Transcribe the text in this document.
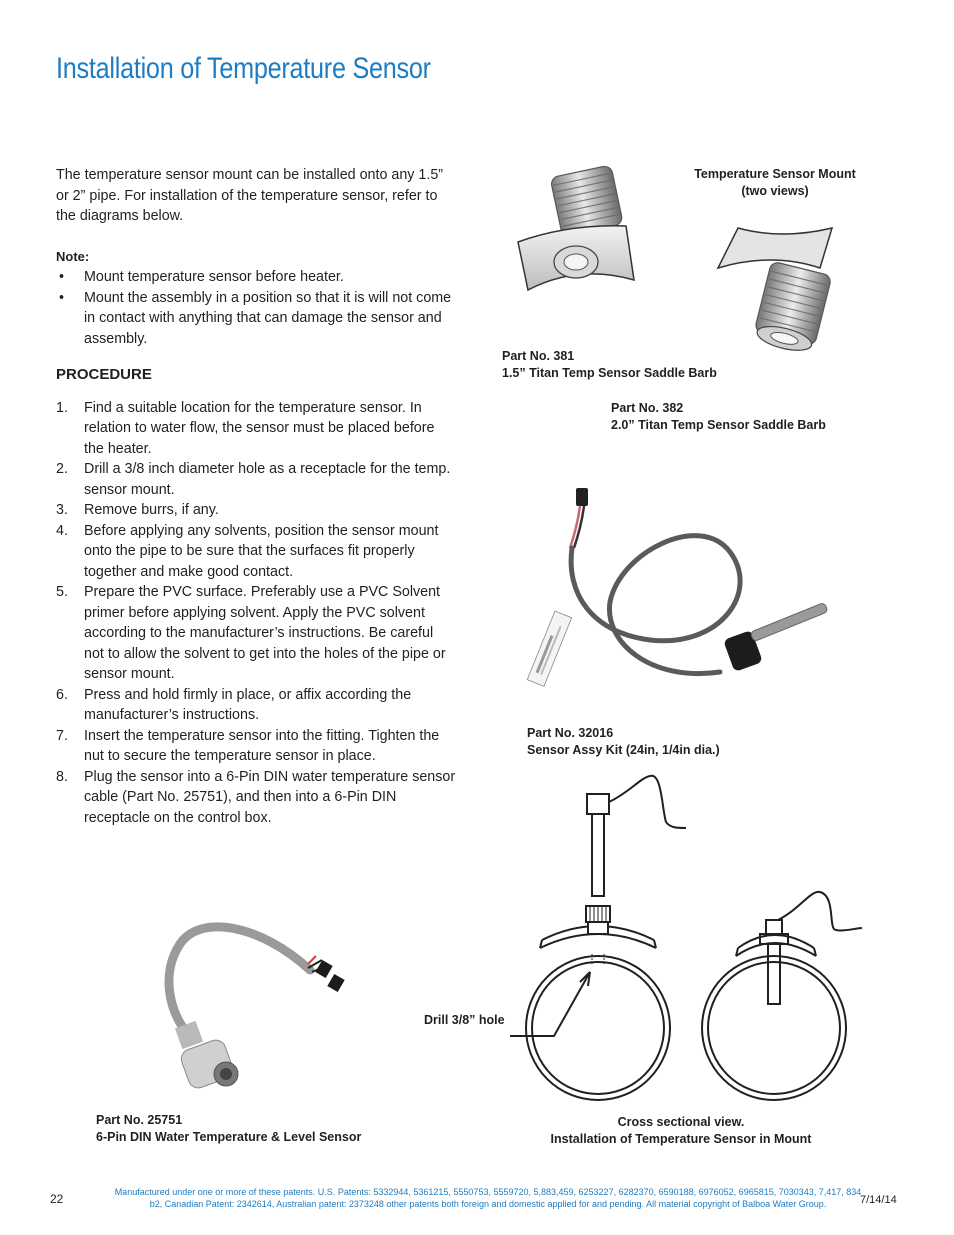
Installation of Temperature Sensor

The temperature sensor mount can be installed onto any 1.5” or 2” pipe. For installation of the temperature sensor, refer to the diagrams below.

Note:

• Mount temperature sensor before heater.
• Mount the assembly in a position so that it is will not come in contact with anything that can damage the sensor and assembly.

PROCEDURE

1. Find a suitable location for the temperature sensor. In relation to water flow, the sensor must be placed before the heater.
2. Drill a 3/8 inch diameter hole as a receptacle for the temp. sensor mount.
3. Remove burrs, if any.
4. Before applying any solvents, position the sensor mount onto the pipe to be sure that the surfaces fit properly together and make good contact.
5. Prepare the PVC surface. Preferably use a PVC Solvent primer before applying solvent. Apply the PVC solvent according to the manufacturer’s instructions. Be careful not to allow the solvent to get into the holes of the pipe or sensor mount.
6. Press and hold firmly in place, or affix according the manufacturer’s instructions.
7. Insert the temperature sensor into the fitting. Tighten the nut to secure the temperature sensor in place.
8. Plug the sensor into a 6-Pin DIN water temperature sensor cable (Part No. 25751), and then into a 6-Pin DIN receptacle on the control box.
Temperature Sensor Mount
(two views)
Part No. 381
1.5” Titan Temp Sensor Saddle Barb
Part No. 382
2.0” Titan Temp Sensor Saddle Barb
Part No. 32016
Sensor Assy Kit (24in, 1/4in dia.)
Drill 3/8” hole
Part No. 25751
6-Pin DIN Water Temperature & Level Sensor
Cross sectional view.
Installation of Temperature Sensor in Mount
22	Manufactured under one or more of these patents. U.S. Patents: 5332944, 5361215, 5550753, 5559720, 5,883,459, 6253227, 6282370, 6590188, 6976052, 6965815, 7030343, 7,417, 834 b2, Canadian Patent: 2342614, Australian patent: 2373248 other patents both foreign and domestic applied for and pending. All material copyright of Balboa Water Group.	7/14/14
